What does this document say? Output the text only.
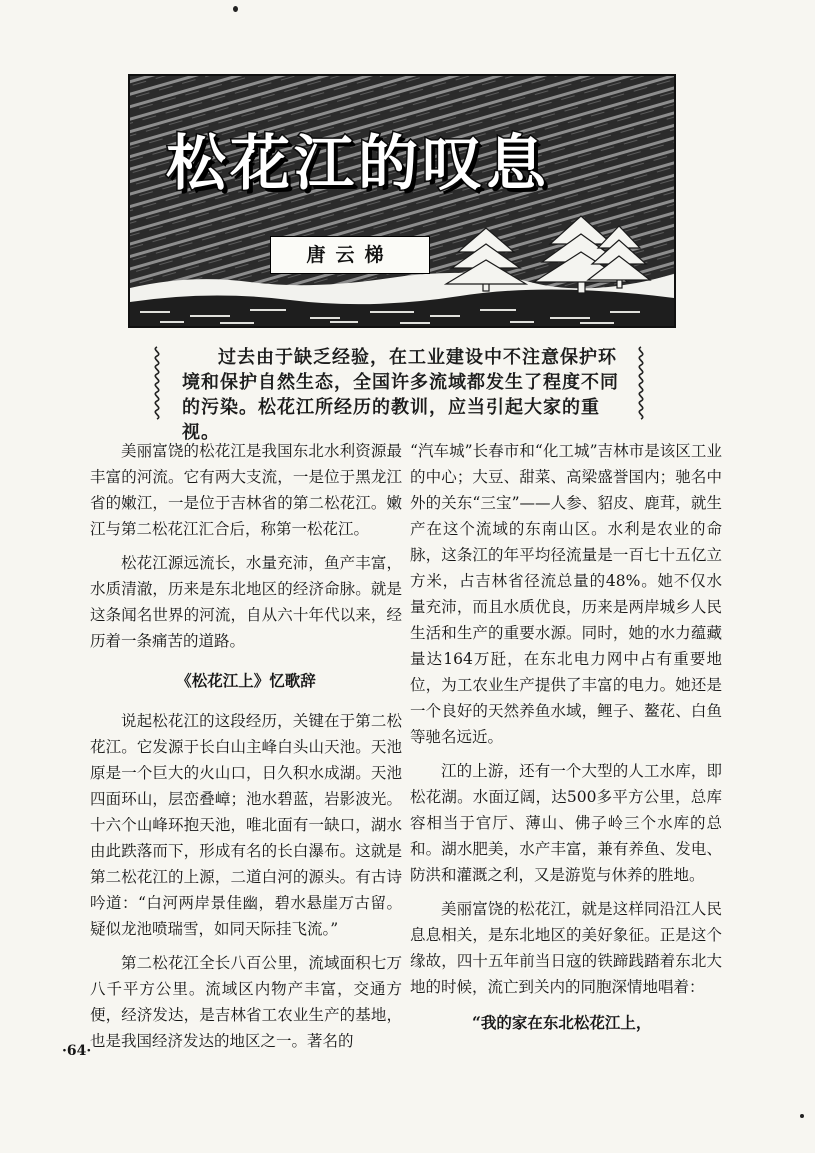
松花江的叹息
唐云梯

过去由于缺乏经验，在工业建设中不注意保护环境和保护自然生态，全国许多流域都发生了程度不同的污染。松花江所经历的教训，应当引起大家的重视。

美丽富饶的松花江是我国东北水利资源最丰富的河流。它有两大支流，一是位于黑龙江省的嫩江，一是位于吉林省的第二松花江。嫩江与第二松花江汇合后，称第一松花江。

松花江源远流长，水量充沛，鱼产丰富，水质清澈，历来是东北地区的经济命脉。就是这条闻名世界的河流，自从六十年代以来，经历着一条痛苦的道路。

《松花江上》忆歌辞

说起松花江的这段经历，关键在于第二松花江。它发源于长白山主峰白头山天池。天池原是一个巨大的火山口，日久积水成湖。天池四面环山，层峦叠嶂；池水碧蓝，岩影波光。十六个山峰环抱天池，唯北面有一缺口，湖水由此跌落而下，形成有名的长白瀑布。这就是第二松花江的上源，二道白河的源头。有古诗吟道：“白河两岸景佳幽，碧水悬崖万古留。疑似龙池喷瑞雪，如同天际挂飞流。”

第二松花江全长八百公里，流域面积七万八千平方公里。流域区内物产丰富，交通方便，经济发达，是吉林省工农业生产的基地，也是我国经济发达的地区之一。著名的

“汽车城”长春市和“化工城”吉林市是该区工业的中心；大豆、甜菜、高梁盛誉国内；驰名中外的关东“三宝”——人参、貂皮、鹿茸，就生产在这个流域的东南山区。水利是农业的命脉，这条江的年平均径流量是一百七十五亿立方米，占吉林省径流总量的48%。她不仅水量充沛，而且水质优良，历来是两岸城乡人民生活和生产的重要水源。同时，她的水力蕴藏量达164万瓩，在东北电力网中占有重要地位，为工农业生产提供了丰富的电力。她还是一个良好的天然养鱼水域，鲤子、鳌花、白鱼等驰名远近。

江的上游，还有一个大型的人工水库，即松花湖。水面辽阔，达500多平方公里，总库容相当于官厅、薄山、佛子岭三个水库的总和。湖水肥美，水产丰富，兼有养鱼、发电、防洪和灌溉之利，又是游览与休养的胜地。

美丽富饶的松花江，就是这样同沿江人民息息相关，是东北地区的美好象征。正是这个缘故，四十五年前当日寇的铁蹄践踏着东北大地的时候，流亡到关内的同胞深情地唱着：

“我的家在东北松花江上，

·64·
